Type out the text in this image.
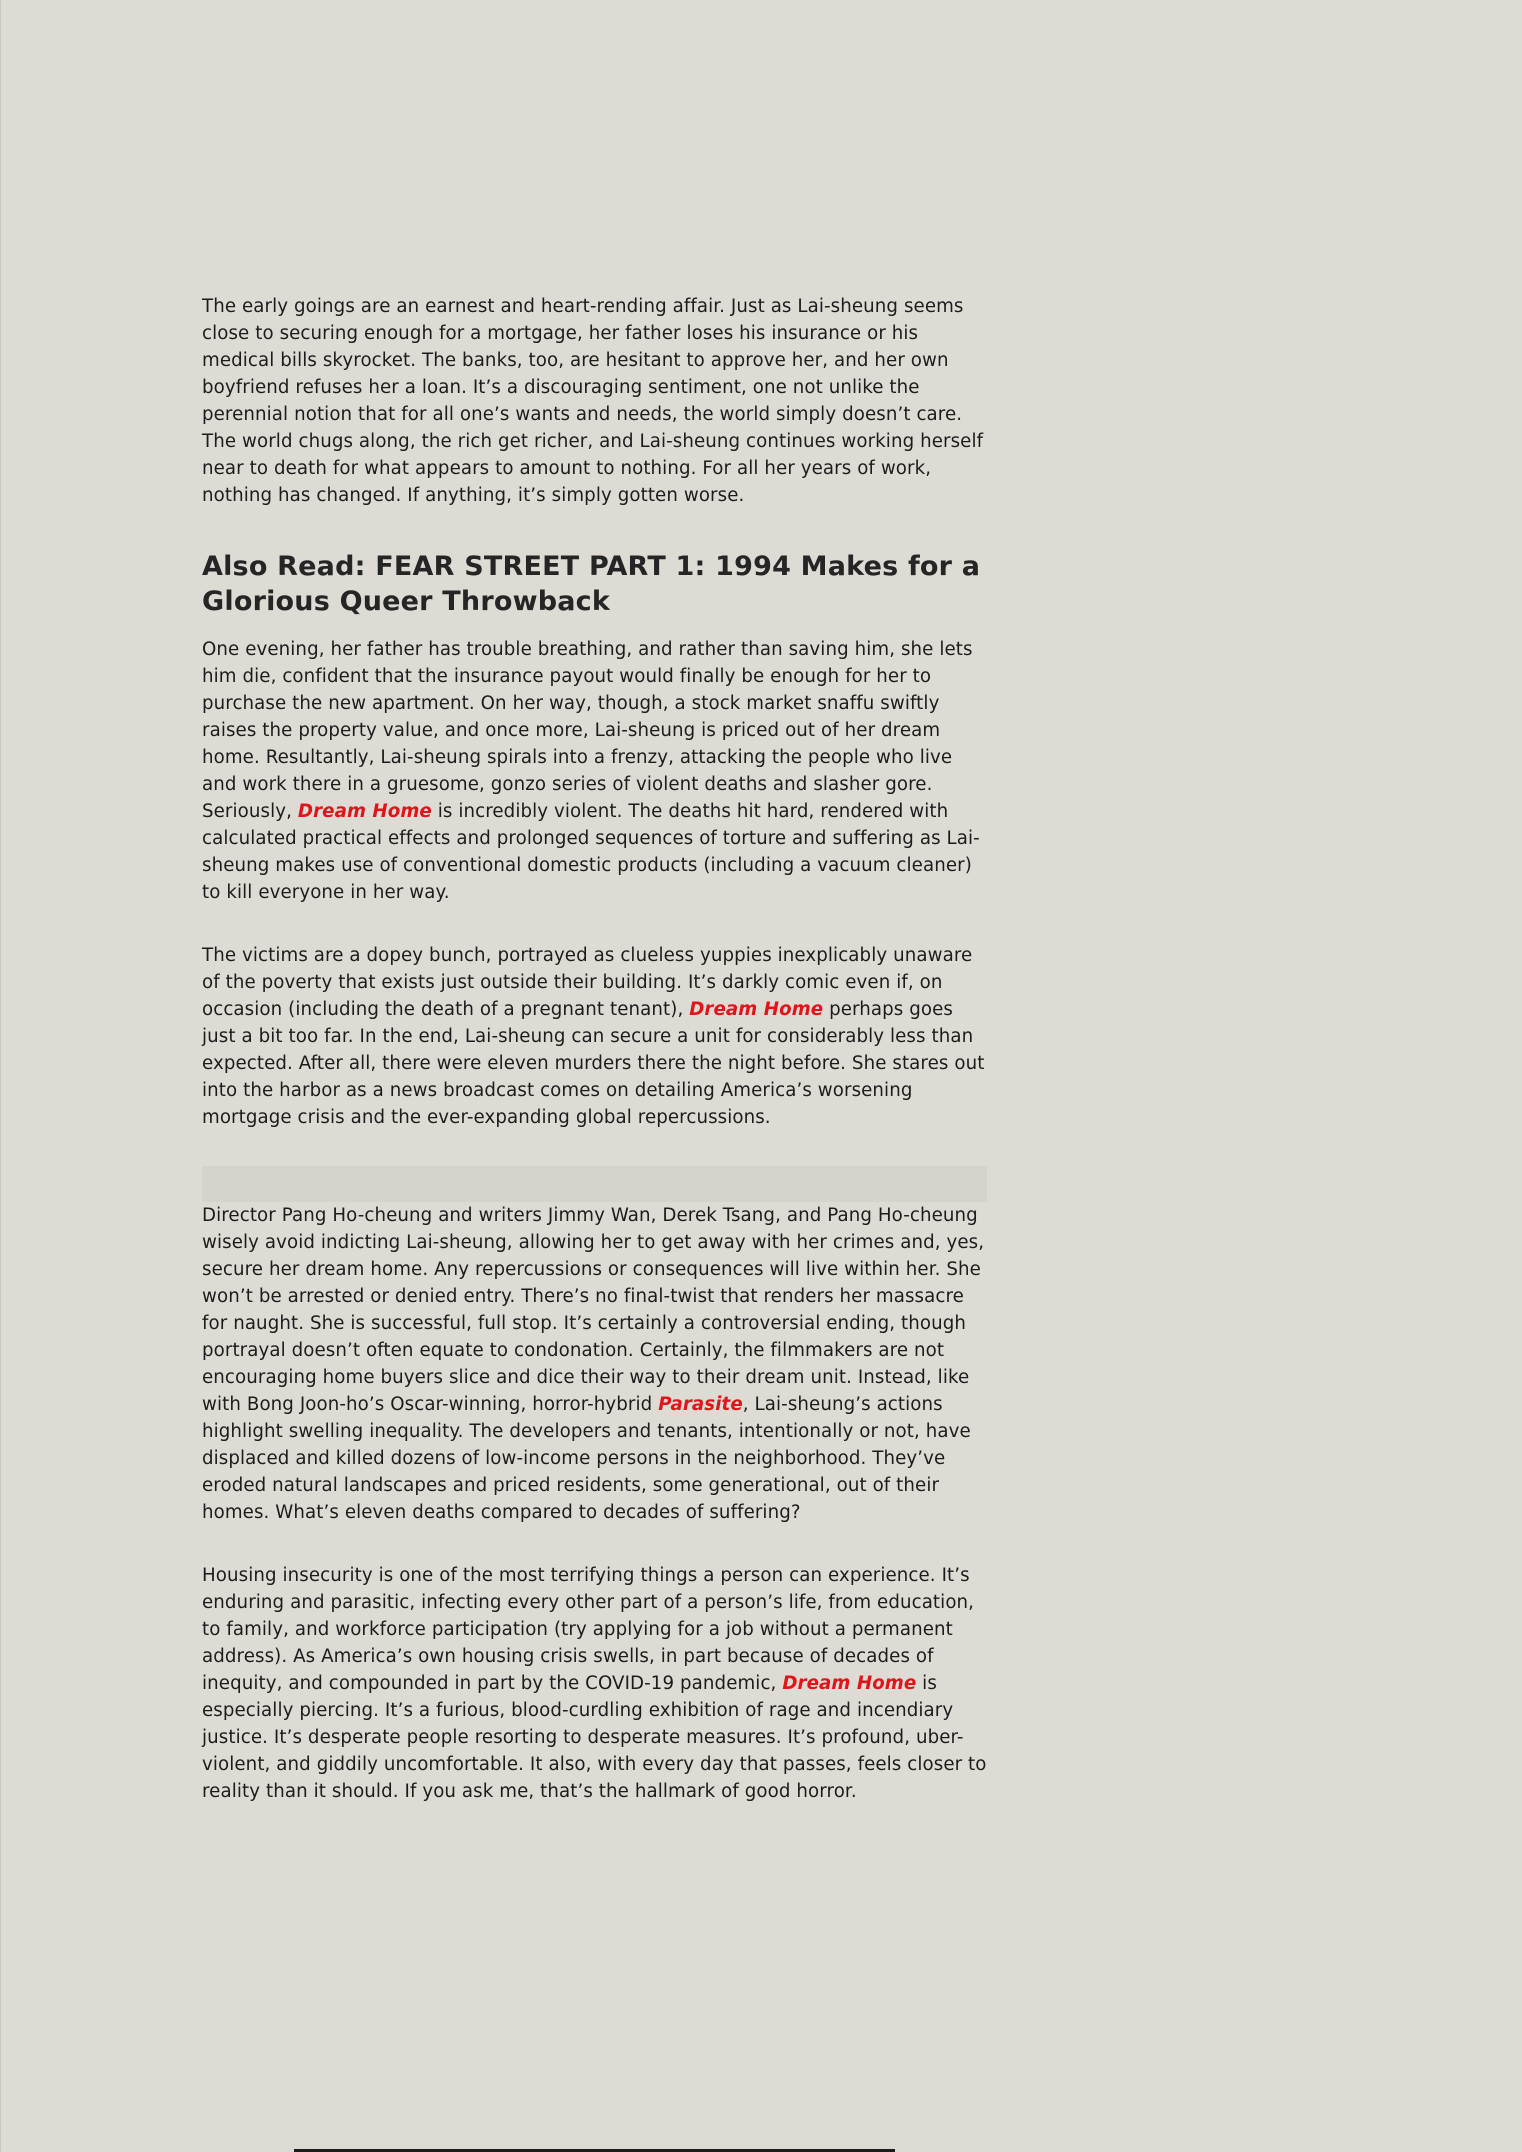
The early goings are an earnest and heart-rending affair. Just as Lai-sheung seems close to securing enough for a mortgage, her father loses his insurance or his medical bills skyrocket. The banks, too, are hesitant to approve her, and her own boyfriend refuses her a loan. It’s a discouraging sentiment, one not unlike the perennial notion that for all one’s wants and needs, the world simply doesn’t care. The world chugs along, the rich get richer, and Lai-sheung continues working herself near to death for what appears to amount to nothing. For all her years of work, nothing has changed. If anything, it’s simply gotten worse.

Also Read: FEAR STREET PART 1: 1994 Makes for a Glorious Queer Throwback

One evening, her father has trouble breathing, and rather than saving him, she lets him die, confident that the insurance payout would finally be enough for her to purchase the new apartment. On her way, though, a stock market snaffu swiftly raises the property value, and once more, Lai-sheung is priced out of her dream home. Resultantly, Lai-sheung spirals into a frenzy, attacking the people who live and work there in a gruesome, gonzo series of violent deaths and slasher gore. Seriously, Dream Home is incredibly violent. The deaths hit hard, rendered with calculated practical effects and prolonged sequences of torture and suffering as Lai-sheung makes use of conventional domestic products (including a vacuum cleaner) to kill everyone in her way.

The victims are a dopey bunch, portrayed as clueless yuppies inexplicably unaware of the poverty that exists just outside their building. It’s darkly comic even if, on occasion (including the death of a pregnant tenant), Dream Home perhaps goes just a bit too far. In the end, Lai-sheung can secure a unit for considerably less than expected. After all, there were eleven murders there the night before. She stares out into the harbor as a news broadcast comes on detailing America’s worsening mortgage crisis and the ever-expanding global repercussions.

Director Pang Ho-cheung and writers Jimmy Wan, Derek Tsang, and Pang Ho-cheung wisely avoid indicting Lai-sheung, allowing her to get away with her crimes and, yes, secure her dream home. Any repercussions or consequences will live within her. She won’t be arrested or denied entry. There’s no final-twist that renders her massacre for naught. She is successful, full stop. It’s certainly a controversial ending, though portrayal doesn’t often equate to condonation. Certainly, the filmmakers are not encouraging home buyers slice and dice their way to their dream unit. Instead, like with Bong Joon-ho’s Oscar-winning, horror-hybrid Parasite, Lai-sheung’s actions highlight swelling inequality. The developers and tenants, intentionally or not, have displaced and killed dozens of low-income persons in the neighborhood. They’ve eroded natural landscapes and priced residents, some generational, out of their homes. What’s eleven deaths compared to decades of suffering?

Housing insecurity is one of the most terrifying things a person can experience. It’s enduring and parasitic, infecting every other part of a person’s life, from education, to family, and workforce participation (try applying for a job without a permanent address). As America’s own housing crisis swells, in part because of decades of inequity, and compounded in part by the COVID-19 pandemic, Dream Home is especially piercing. It’s a furious, blood-curdling exhibition of rage and incendiary justice. It’s desperate people resorting to desperate measures. It’s profound, uber-violent, and giddily uncomfortable. It also, with every day that passes, feels closer to reality than it should. If you ask me, that’s the hallmark of good horror.
